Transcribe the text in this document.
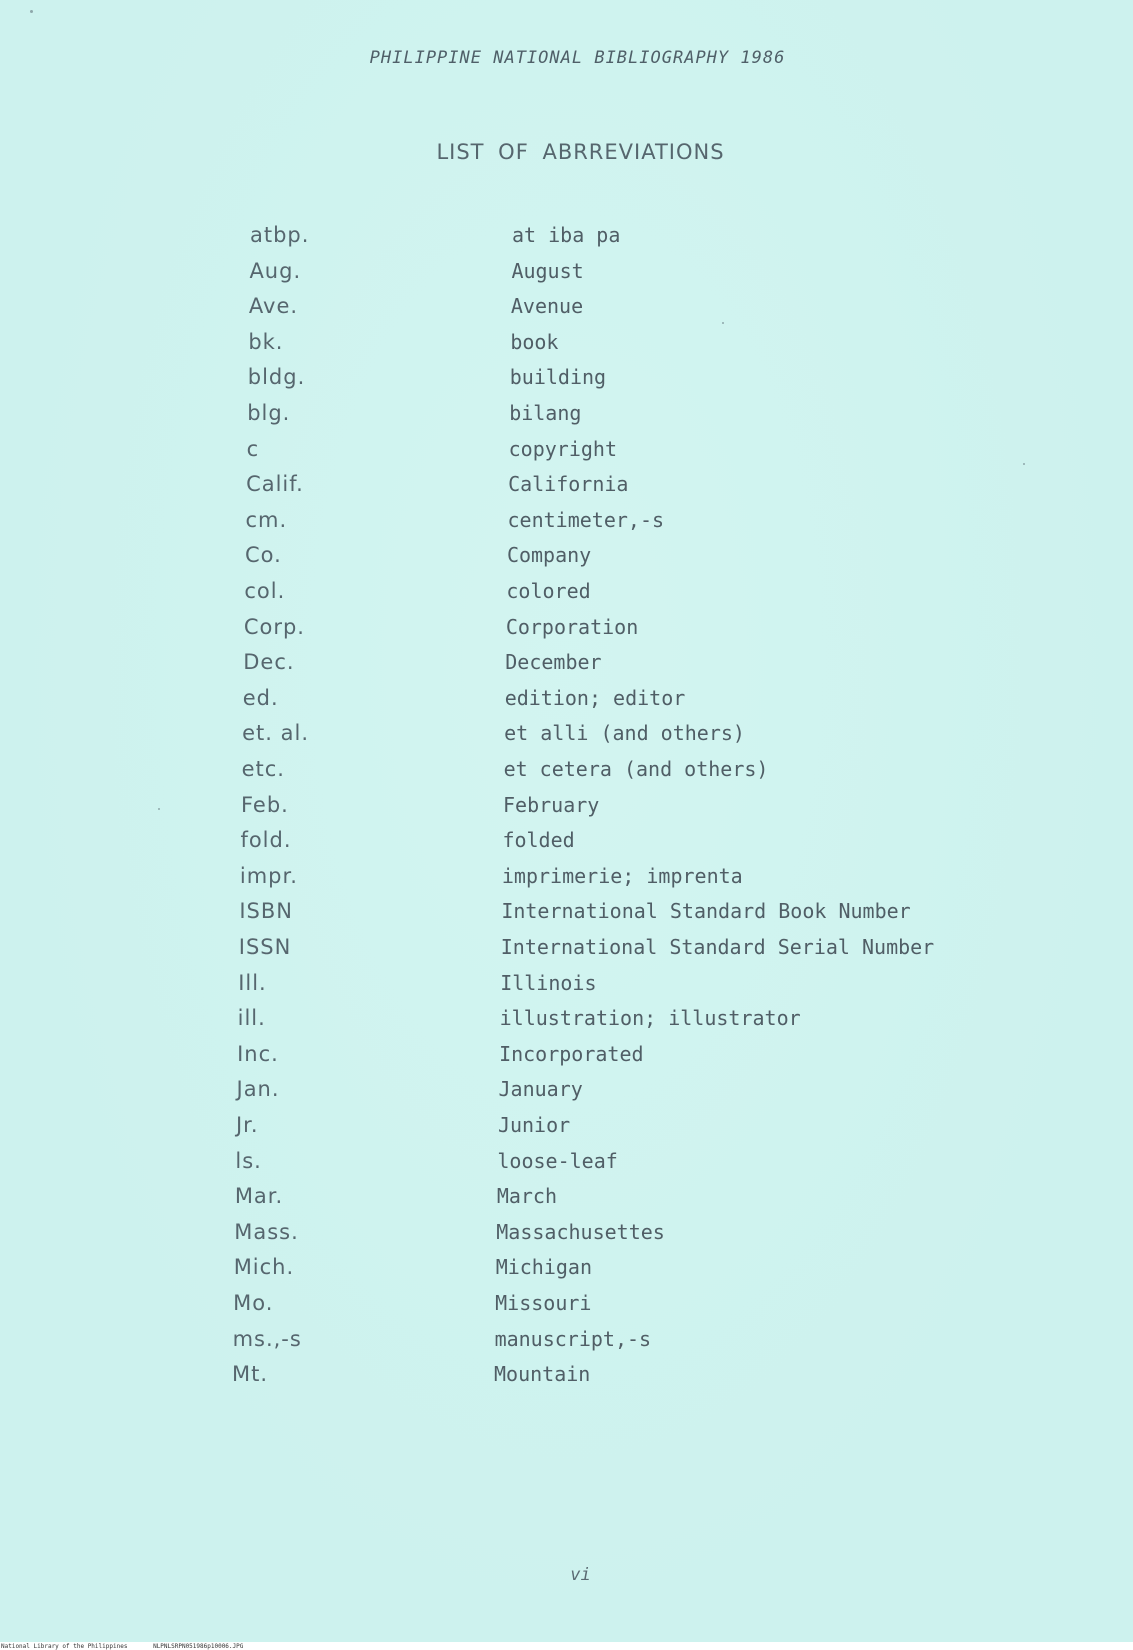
PHILIPPINE NATIONAL BIBLIOGRAPHY 1986
LIST OF ABRREVIATIONS
atbp.	at iba pa
Aug.	August
Ave.	Avenue
bk.	book
bldg.	building
blg.	bilang
c	copyright
Calif.	California
cm.	centimeter,-s
Co.	Company
col.	colored
Corp.	Corporation
Dec.	December
ed.	edition; editor
et. al.	et alli (and others)
etc.	et cetera (and others)
Feb.	February
fold.	folded
impr.	imprimerie; imprenta
ISBN	International Standard Book Number
ISSN	International Standard Serial Number
Ill.	Illinois
ill.	illustration; illustrator
Inc.	Incorporated
Jan.	January
Jr.	Junior
ls.	loose-leaf
Mar.	March
Mass.	Massachusettes
Mich.	Michigan
Mo.	Missouri
ms.,-s	manuscript,-s
Mt.	Mountain
vi
National Library of the Philippines	NLPNLSRPN051986p10006.JPG
